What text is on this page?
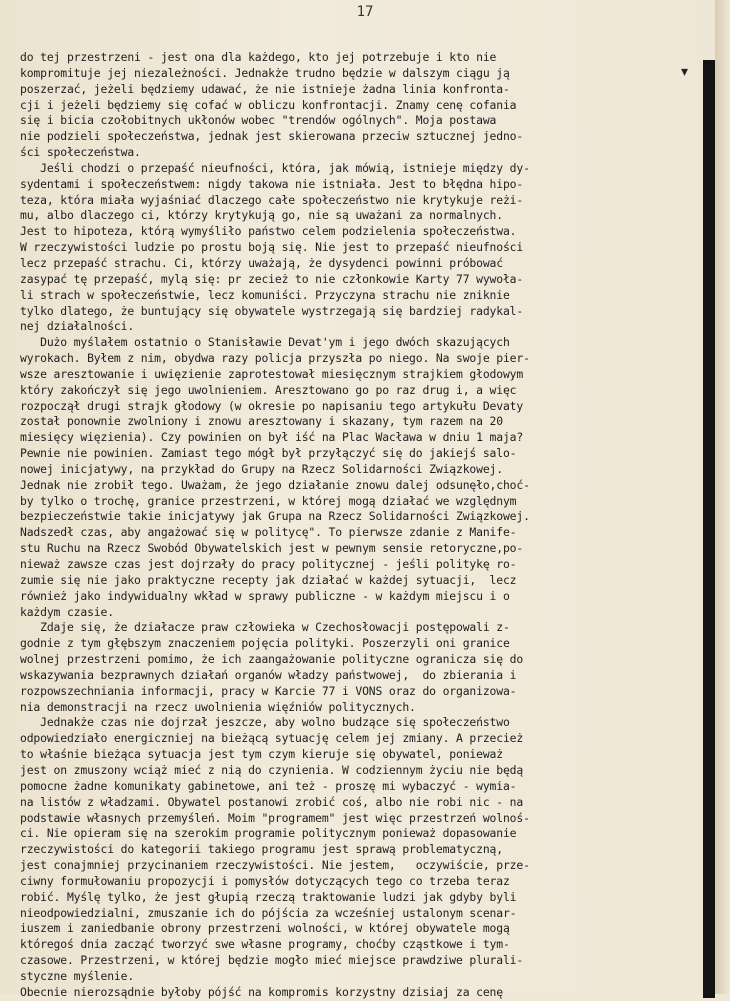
17
▾
do tej przestrzeni - jest ona dla każdego, kto jej potrzebuje i kto nie
kompromituje jej niezależności. Jednakże trudno będzie w dalszym ciągu ją
poszerzać, jeżeli będziemy udawać, że nie istnieje żadna linia konfronta-
cji i jeżeli będziemy się cofać w obliczu konfrontacji. Znamy cenę cofania
się i bicia czołobitnych ukłonów wobec "trendów ogólnych". Moja postawa
nie podzieli społeczeństwa, jednak jest skierowana przeciw sztucznej jedno-
ści społeczeństwa.
Jeśli chodzi o przepaść nieufności, która, jak mówią, istnieje między dy-
sydentami i społeczeństwem: nigdy takowa nie istniała. Jest to błędna hipo-
teza, która miała wyjaśniać dlaczego całe społeczeństwo nie krytykuje reżi-
mu, albo dlaczego ci, którzy krytykują go, nie są uważani za normalnych.
Jest to hipoteza, którą wymyśliło państwo celem podzielenia społeczeństwa.
W rzeczywistości ludzie po prostu boją się. Nie jest to przepaść nieufności
lecz przepaść strachu. Ci, którzy uważają, że dysydenci powinni próbować
zasypać tę przepaść, mylą się: pr zecież to nie członkowie Karty 77 wywoła-
li strach w społeczeństwie, lecz komuniści. Przyczyna strachu nie zniknie
tylko dlatego, że buntujący się obywatele wystrzegają się bardziej radykal-
nej działalności.
Dużo myślałem ostatnio o Stanisławie Devat'ym i jego dwóch skazujących
wyrokach. Byłem z nim, obydwa razy policja przyszła po niego. Na swoje pier-
wsze aresztowanie i uwięzienie zaprotestował miesięcznym strajkiem głodowym
który zakończył się jego uwolnieniem. Aresztowano go po raz drug i, a więc
rozpoczął drugi strajk głodowy (w okresie po napisaniu tego artykułu Devaty
został ponownie zwolniony i znowu aresztowany i skazany, tym razem na 20
miesięcy więzienia). Czy powinien on był iść na Plac Wacława w dniu 1 maja?
Pewnie nie powinien. Zamiast tego mógł był przyłączyć się do jakiejś salo-
nowej inicjatywy, na przykład do Grupy na Rzecz Solidarności Związkowej.
Jednak nie zrobił tego. Uważam, że jego działanie znowu dalej odsunęło,choć-
by tylko o trochę, granice przestrzeni, w której mogą działać we względnym
bezpieczeństwie takie inicjatywy jak Grupa na Rzecz Solidarności Związkowej.
Nadszedł czas, aby angażować się w politycę". To pierwsze zdanie z Manife-
stu Ruchu na Rzecz Swobód Obywatelskich jest w pewnym sensie retoryczne,po-
nieważ zawsze czas jest dojrzały do pracy politycznej - jeśli politykę ro-
zumie się nie jako praktyczne recepty jak działać w każdej sytuacji,  lecz
również jako indywidualny wkład w sprawy publiczne - w każdym miejscu i o
każdym czasie.
Zdaje się, że działacze praw człowieka w Czechosłowacji postępowali z-
godnie z tym głębszym znaczeniem pojęcia polityki. Poszerzyli oni granice
wolnej przestrzeni pomimo, że ich zaangażowanie polityczne ogranicza się do
wskazywania bezprawnych działań organów władzy państwowej,  do zbierania i
rozpowszechniania informacji, pracy w Karcie 77 i VONS oraz do organizowa-
nia demonstracji na rzecz uwolnienia więźniów politycznych.
Jednakże czas nie dojrzał jeszcze, aby wolno budzące się społeczeństwo
odpowiedziało energiczniej na bieżącą sytuację celem jej zmiany. A przecież
to właśnie bieżąca sytuacja jest tym czym kieruje się obywatel, ponieważ
jest on zmuszony wciąż mieć z nią do czynienia. W codziennym życiu nie będą
pomocne żadne komunikaty gabinetowe, ani też - proszę mi wybaczyć - wymia-
na listów z władzami. Obywatel postanowi zrobić coś, albo nie robi nic - na
podstawie własnych przemyśleń. Moim "programem" jest więc przestrzeń wolnoś-
ci. Nie opieram się na szerokim programie politycznym ponieważ dopasowanie
rzeczywistości do kategorii takiego programu jest sprawą problematyczną,
jest conajmniej przycinaniem rzeczywistości. Nie jestem,   oczywiście, prze-
ciwny formułowaniu propozycji i pomysłów dotyczących tego co trzeba teraz
robić. Myślę tylko, że jest głupią rzeczą traktowanie ludzi jak gdyby byli
nieodpowiedzialni, zmuszanie ich do pójścia za wcześniej ustalonym scenar-
iuszem i zaniedbanie obrony przestrzeni wolności, w której obywatele mogą
któregoś dnia zacząć tworzyć swe własne programy, choćby cząstkowe i tym-
czasowe. Przestrzeni, w której będzie mogło mieć miejsce prawdziwe plurali-
styczne myślenie.
Obecnie nierozsądnie byłoby pójść na kompromis korzystny dzisiaj za cenę
